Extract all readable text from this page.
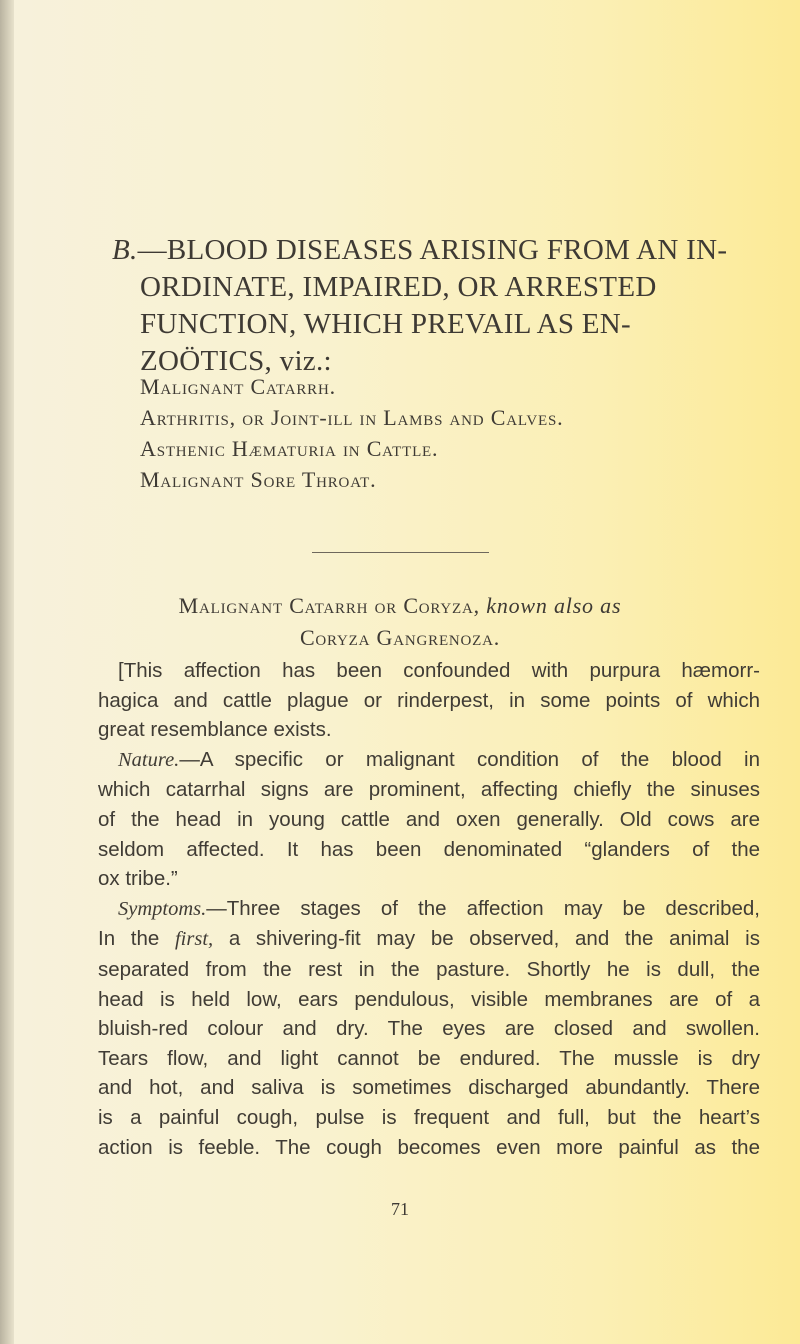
B.—BLOOD DISEASES ARISING FROM AN IN-
ORDINATE, IMPAIRED, OR ARRESTED
FUNCTION, WHICH PREVAIL AS EN-
ZOÖTICS, viz.:
Malignant Catarrh.
Arthritis, or Joint-ill in Lambs and Calves.
Asthenic Hæmaturia in Cattle.
Malignant Sore Throat.
Malignant Catarrh or Coryza, known also as
Coryza Gangrenoza.
[This affection has been confounded with purpura hæmorr-
hagica and cattle plague or rinderpest, in some points of which
great resemblance exists.
Nature.—A specific or malignant condition of the blood in
which catarrhal signs are prominent, affecting chiefly the sinuses
of the head in young cattle and oxen generally. Old cows are
seldom affected. It has been denominated “glanders of the
ox tribe.”
Symptoms.—Three stages of the affection may be described,
In the first, a shivering-fit may be observed, and the animal is
separated from the rest in the pasture. Shortly he is dull, the
head is held low, ears pendulous, visible membranes are of a
bluish-red colour and dry. The eyes are closed and swollen.
Tears flow, and light cannot be endured. The mussle is dry
and hot, and saliva is sometimes discharged abundantly. There
is a painful cough, pulse is frequent and full, but the heart’s
action is feeble. The cough becomes even more painful as the
71
